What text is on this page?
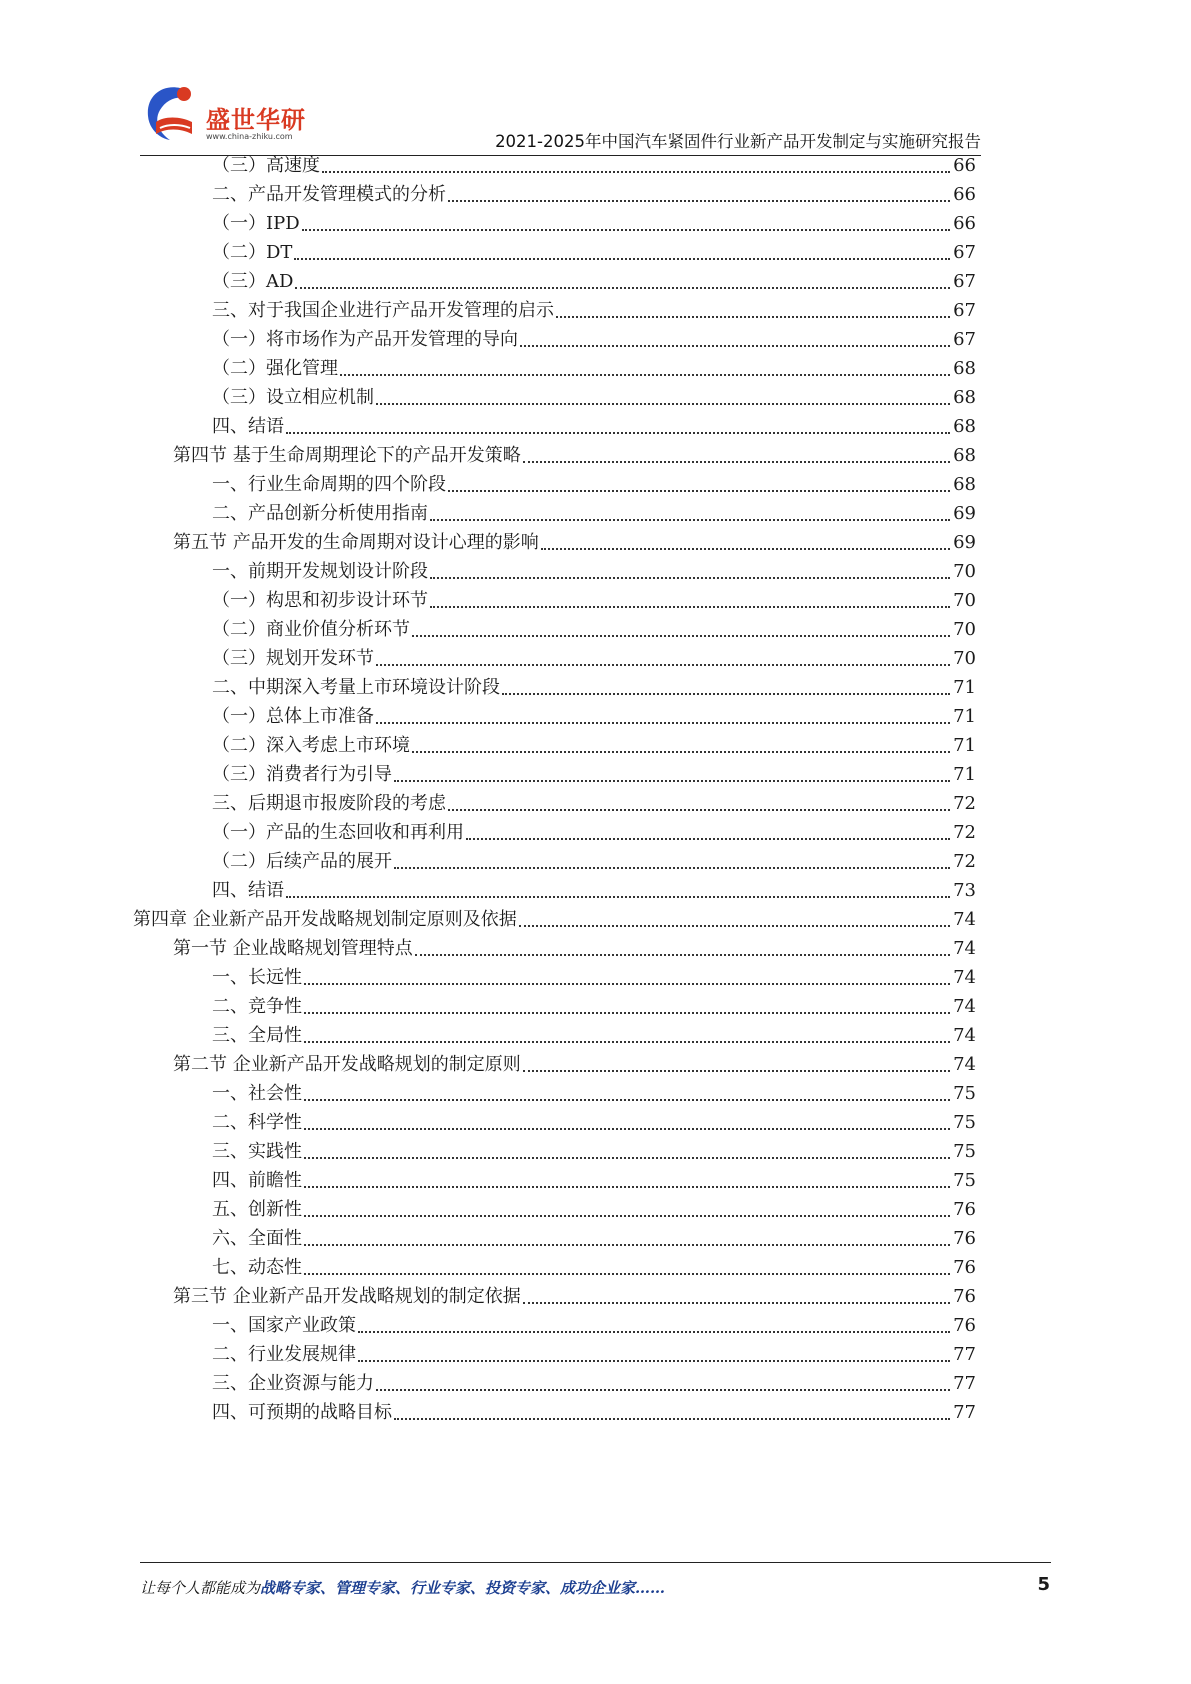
盛世华研
www.china-zhiku.com	2021-2025年中国汽车紧固件行业新产品开发制定与实施研究报告
（三）高速度	66
二、产品开发管理模式的分析	66
（一）IPD	66
（二）DT	67
（三）AD	67
三、对于我国企业进行产品开发管理的启示	67
（一）将市场作为产品开发管理的导向	67
（二）强化管理	68
（三）设立相应机制	68
四、结语	68
第四节 基于生命周期理论下的产品开发策略	68
一、行业生命周期的四个阶段	68
二、产品创新分析使用指南	69
第五节 产品开发的生命周期对设计心理的影响	69
一、前期开发规划设计阶段	70
（一）构思和初步设计环节	70
（二）商业价值分析环节	70
（三）规划开发环节	70
二、中期深入考量上市环境设计阶段	71
（一）总体上市准备	71
（二）深入考虑上市环境	71
（三）消费者行为引导	71
三、后期退市报废阶段的考虑	72
（一）产品的生态回收和再利用	72
（二）后续产品的展开	72
四、结语	73
第四章 企业新产品开发战略规划制定原则及依据	74
第一节 企业战略规划管理特点	74
一、长远性	74
二、竞争性	74
三、全局性	74
第二节 企业新产品开发战略规划的制定原则	74
一、社会性	75
二、科学性	75
三、实践性	75
四、前瞻性	75
五、创新性	76
六、全面性	76
七、动态性	76
第三节 企业新产品开发战略规划的制定依据	76
一、国家产业政策	76
二、行业发展规律	77
三、企业资源与能力	77
四、可预期的战略目标	77
让每个人都能成为战略专家、管理专家、行业专家、投资专家、成功企业家……	5
